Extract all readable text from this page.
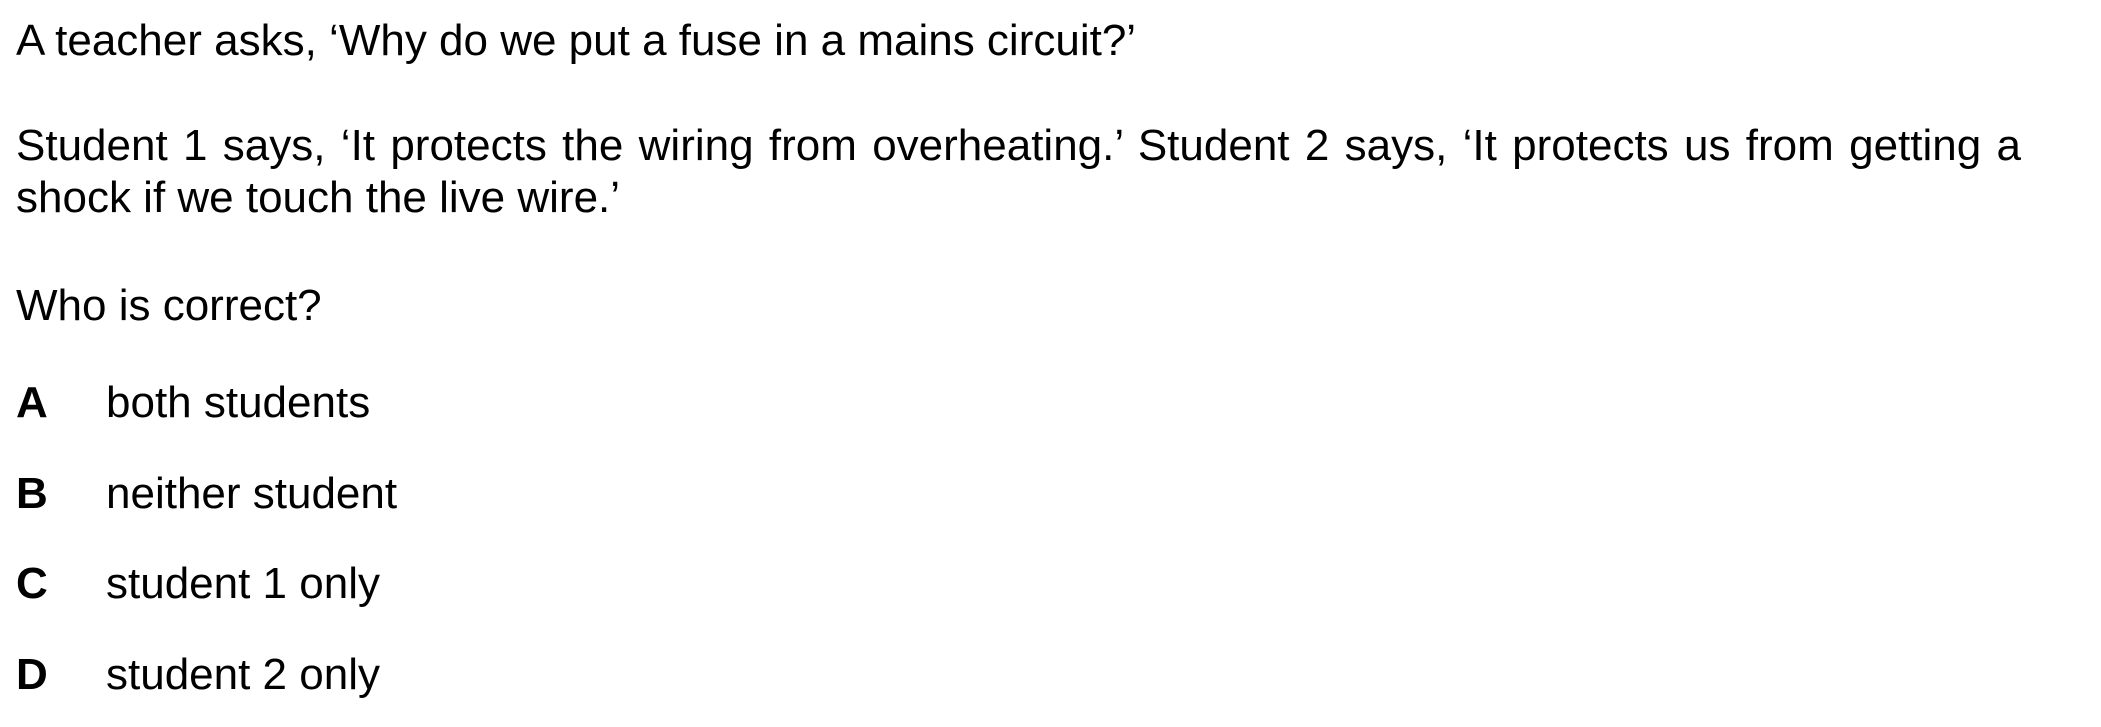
A teacher asks, ‘Why do we put a fuse in a mains circuit?’

Student 1 says, ‘It protects the wiring from overheating.’ Student 2 says, ‘It protects us from getting a shock if we touch the live wire.’

Who is correct?

A both students
B neither student
C student 1 only
D student 2 only
